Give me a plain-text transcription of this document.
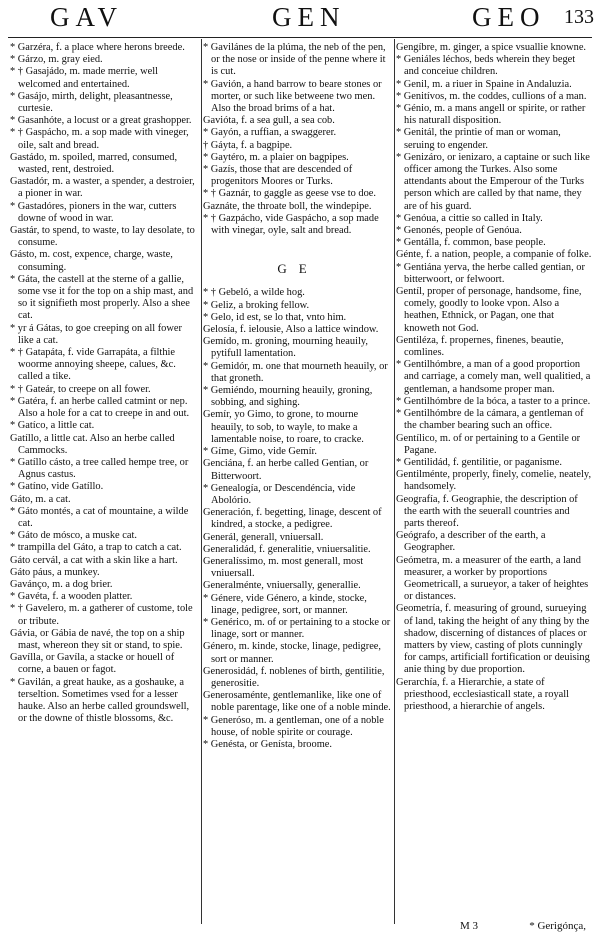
GAV	GEN	GEO 133

* Garzéra, f. a place where herons breede.

* Gárzo, m. gray eied.

* † Gasajádo, m. made merrie, well welcomed and entertained.

* Gasájo, mirth, delight, pleasantnesse, curtesie.

* Gasanhóte, a locust or a great grashopper.

* † Gaspácho, m. a sop made with vineger, oile, salt and bread.

Gastádo, m. spoiled, marred, consumed, wasted, rent, destroied.

Gastadór, m. a waster, a spender, a destroier, a pioner in war.

* Gastadóres, pioners in the war, cutters downe of wood in war.

Gastár, to spend, to waste, to lay desolate, to consume.

Gásto, m. cost, expence, charge, waste, consuming.

* Gáta, the castell at the sterne of a gallie, some vse it for the top on a ship mast, and so it signifieth most properly. Also a shee cat.

* yr á Gátas, to goe creeping on all fower like a cat.

* † Gatapáta, f. vide Garrapáta, a filthie woorme annoying sheepe, calues, &c. called a tike.

* † Gateár, to creepe on all fower.

* Gatéra, f. an herbe called catmint or nep. Also a hole for a cat to creepe in and out.

* Gatíco, a little cat.

Gatíllo, a little cat. Also an herbe called Cammocks.

* Gatíllo cásto, a tree called hempe tree, or Agnus castus.

* Gatíno, vide Gatíllo.

Gáto, m. a cat.

* Gáto montés, a cat of mountaine, a wilde cat.

* Gáto de mósco, a muske cat.

* trampilla del Gáto, a trap to catch a cat.

Gáto cervál, a cat with a skin like a hart.

Gáto páus, a munkey.

Gavánço, m. a dog brier.

* Gavéta, f. a wooden platter.

* † Gavelero, m. a gatherer of custome, tole or tribute.

Gávia, or Gábia de navé, the top on a ship mast, whereon they sit or stand, to spie.

Gavílla, or Gavíla, a stacke or houell of corne, a bauen or fagot.

* Gavilán, a great hauke, as a goshauke, a terseltion. Sometimes vsed for a lesser hauke. Also an herbe called groundswell, or the downe of thistle blossoms, &c.

* Gavilánes de la plúma, the neb of the pen, or the nose or inside of the penne where it is cut.

* Gavión, a hand barrow to beare stones or morter, or such like betweene two men. Also the broad brims of a hat.

Gavióta, f. a sea gull, a sea cob.

* Gayón, a ruffian, a swaggerer.

† Gáyta, f. a bagpipe.

* Gaytéro, m. a plaier on bagpipes.

* Gazís, those that are descended of progenitors Moores or Turks.

* † Gaznár, to gaggle as geese vse to doe.

Gaznáte, the throate boll, the windepipe.

* † Gazpácho, vide Gaspácho, a sop made with vinegar, oyle, salt and bread.

GE

* † Gebeló, a wilde hog.

* Geliz, a broking fellow.

* Gelo, id est, se lo that, vnto him.

Gelosía, f. ielousie, Also a lattice window.

Gemído, m. groning, mourning heauily, pytifull lamentation.

* Gemidór, m. one that mourneth heauily, or that groneth.

* Gemiéndo, mourning heauily, groning, sobbing, and sighing.

Gemír, yo Gimo, to grone, to mourne heauily, to sob, to wayle, to make a lamentable noise, to roare, to cracke.

* Gíme, Gimo, vide Gemír.

Genciána, f. an herbe called Gentian, or Bitterwoort.

* Genealogía, or Descendéncia, vide Abolório.

Generación, f. begetting, linage, descent of kindred, a stocke, a pedigree.

Generál, generall, vniuersall.

Generalidád, f. generalitie, vniuersalitie.

Generalíssimo, m. most generall, most vniuersall.

Generalménte, vniuersally, generallie.

* Génere, vide Género, a kinde, stocke, linage, pedigree, sort, or manner.

* Genérico, m. of or pertaining to a stocke or linage, sort or manner.

Género, m. kinde, stocke, linage, pedigree, sort or manner.

Generosidád, f. noblenes of birth, gentilitie, generositie.

Generosaménte, gentlemanlike, like one of noble parentage, like one of a noble minde.

* Generóso, m. a gentleman, one of a noble house, of noble spirite or courage.

* Genésta, or Genísta, broome.

Gengíbre, m. ginger, a spice vsuallie knowne.

* Geniáles léchos, beds wherein they beget and conceiue children.

* Genil, m. a riuer in Spaine in Andaluzia.

* Genitívos, m. the coddes, cullions of a man.

* Génio, m. a mans angell or spirite, or rather his naturall disposition.

* Genitál, the printie of man or woman, seruing to engender.

* Genizáro, or ienizaro, a captaine or such like officer among the Turkes. Also some attendants about the Emperour of the Turks person which are called by that name, they are of his guard.

* Genóua, a cittie so called in Italy.

* Genonés, people of Genóua.

* Gentálla, f. common, base people.

Génte, f. a nation, people, a companie of folke.

* Gentiána yerva, the herbe called gentian, or bitterwoort, or felwoort.

Gentíl, proper of personage, handsome, fine, comely, goodly to looke vpon. Also a heathen, Ethnick, or Pagan, one that knoweth not God.

Gentiléza, f. propernes, finenes, beautie, comlines.

* Gentilhómbre, a man of a good proportion and carriage, a comely man, well qualitied, a gentleman, a handsome proper man.

* Gentilhómbre de la bóca, a taster to a prince.

* Gentilhómbre de la cámara, a gentleman of the chamber bearing such an office.

Gentílico, m. of or pertaining to a Gentile or Pagane.

* Gentilidád, f. gentilitie, or paganisme.

Gentilménte, properly, finely, comelie, neately, handsomely.

Geografía, f. Geographie, the description of the earth with the seuerall countries and parts thereof.

Geógrafo, a describer of the earth, a Geographer.

Geómetra, m. a measurer of the earth, a land measurer, a worker by proportions Geometricall, a surueyor, a taker of heightes or distances.

Geometría, f. measuring of ground, surueying of land, taking the height of any thing by the shadow, discerning of distances of places or matters by view, casting of plots cunningly for camps, artificiall fortification or deuising anie thing by due proportion.

Gerarchía, f. a Hierarchie, a state of priesthood, ecclesiasticall state, a royall priesthood, a hierarchie of angels.

M 3	* Gerigónça,
